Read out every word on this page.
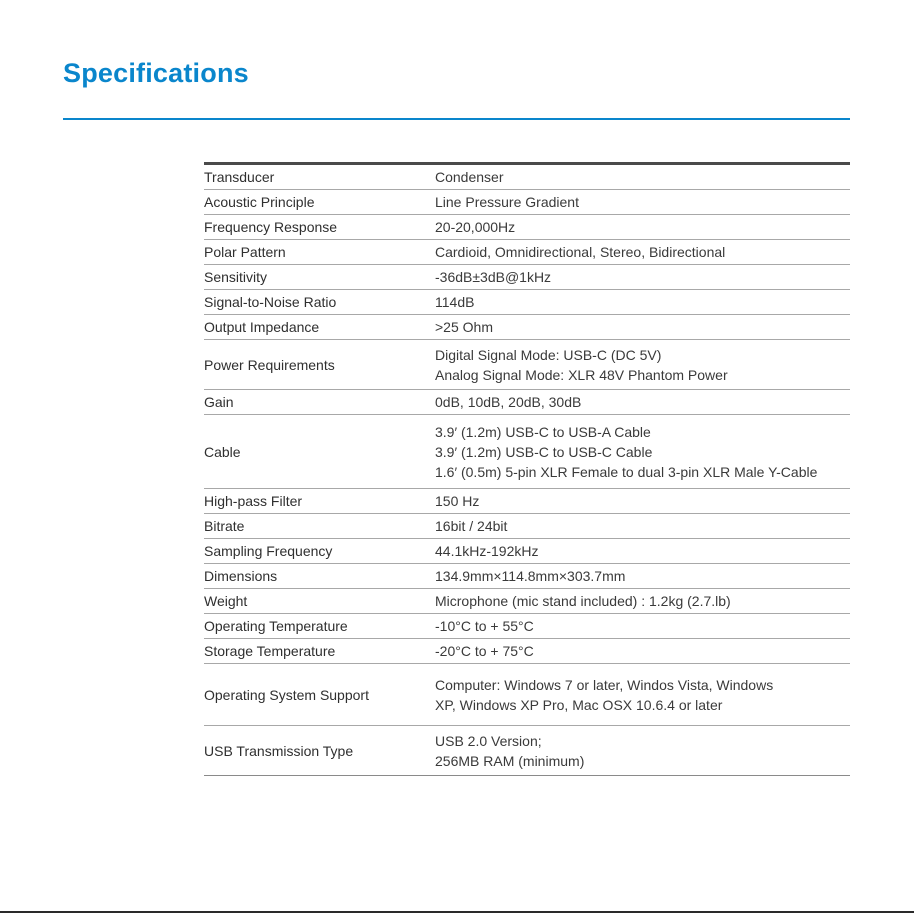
Specifications
Transducer	Condenser

Acoustic Principle	Line Pressure Gradient

Frequency Response	20-20,000Hz

Polar Pattern	Cardioid, Omnidirectional, Stereo, Bidirectional

Sensitivity	-36dB±3dB@1kHz

Signal-to-Noise Ratio	114dB

Output Impedance	>25 Ohm

Power Requirements	Digital Signal Mode: USB-C (DC 5V)
Analog Signal Mode: XLR 48V Phantom Power

Gain	0dB, 10dB, 20dB, 30dB

Cable	3.9′ (1.2m) USB-C to USB-A Cable
3.9′ (1.2m) USB-C to USB-C Cable
1.6′ (0.5m) 5-pin XLR Female to dual 3-pin XLR Male Y-Cable

High-pass Filter	150 Hz

Bitrate	16bit / 24bit

Sampling Frequency	44.1kHz-192kHz

Dimensions	134.9mm×114.8mm×303.7mm

Weight	Microphone (mic stand included) : 1.2kg (2.7.lb)

Operating Temperature	-10°C to + 55°C

Storage Temperature	-20°C to + 75°C

Operating System Support	Computer: Windows 7 or later, Windos Vista, Windows
XP, Windows XP Pro, Mac OSX 10.6.4 or later

USB Transmission Type	USB 2.0 Version;
256MB RAM (minimum)
